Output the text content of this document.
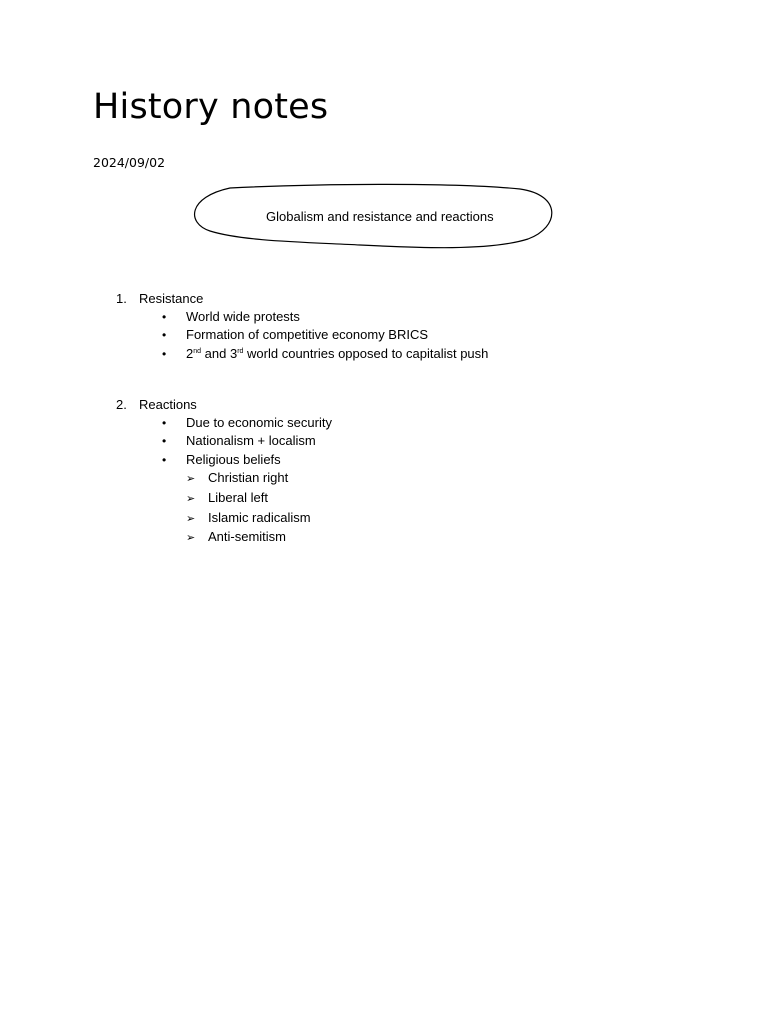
History notes
2024/09/02
Globalism and resistance and reactions
1. Resistance
• World wide protests
• Formation of competitive economy BRICS
• 2nd and 3rd world countries opposed to capitalist push
2. Reactions
• Due to economic security
• Nationalism + localism
• Religious beliefs
➢ Christian right
➢ Liberal left
➢ Islamic radicalism
➢ Anti-semitism
